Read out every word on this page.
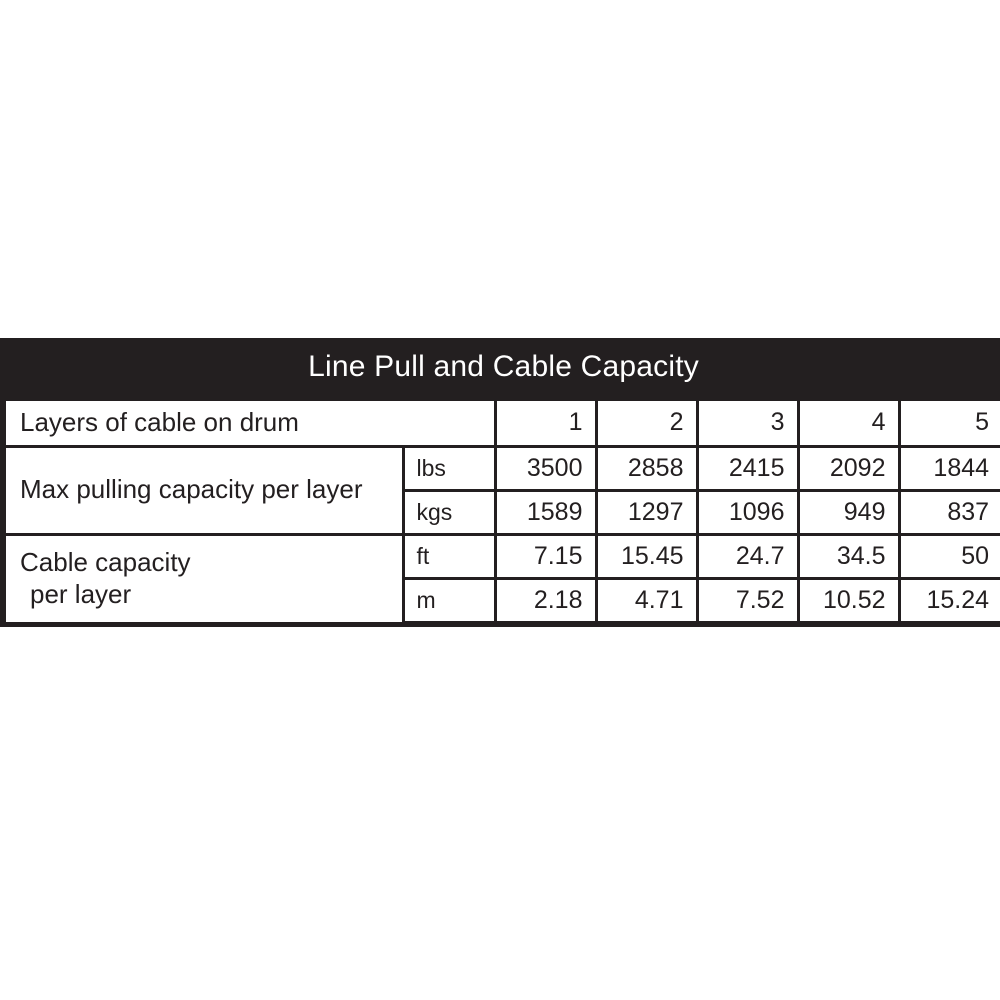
Line Pull and Cable Capacity						
Layers of cable on drum		1	2	3	4	5
Max pulling capacity per layer	lbs	3500	2858	2415	2092	1844
	kgs	1589	1297	1096	949	837
Cable capacity
per layer	ft	7.15	15.45	24.7	34.5	50
	m	2.18	4.71	7.52	10.52	15.24
